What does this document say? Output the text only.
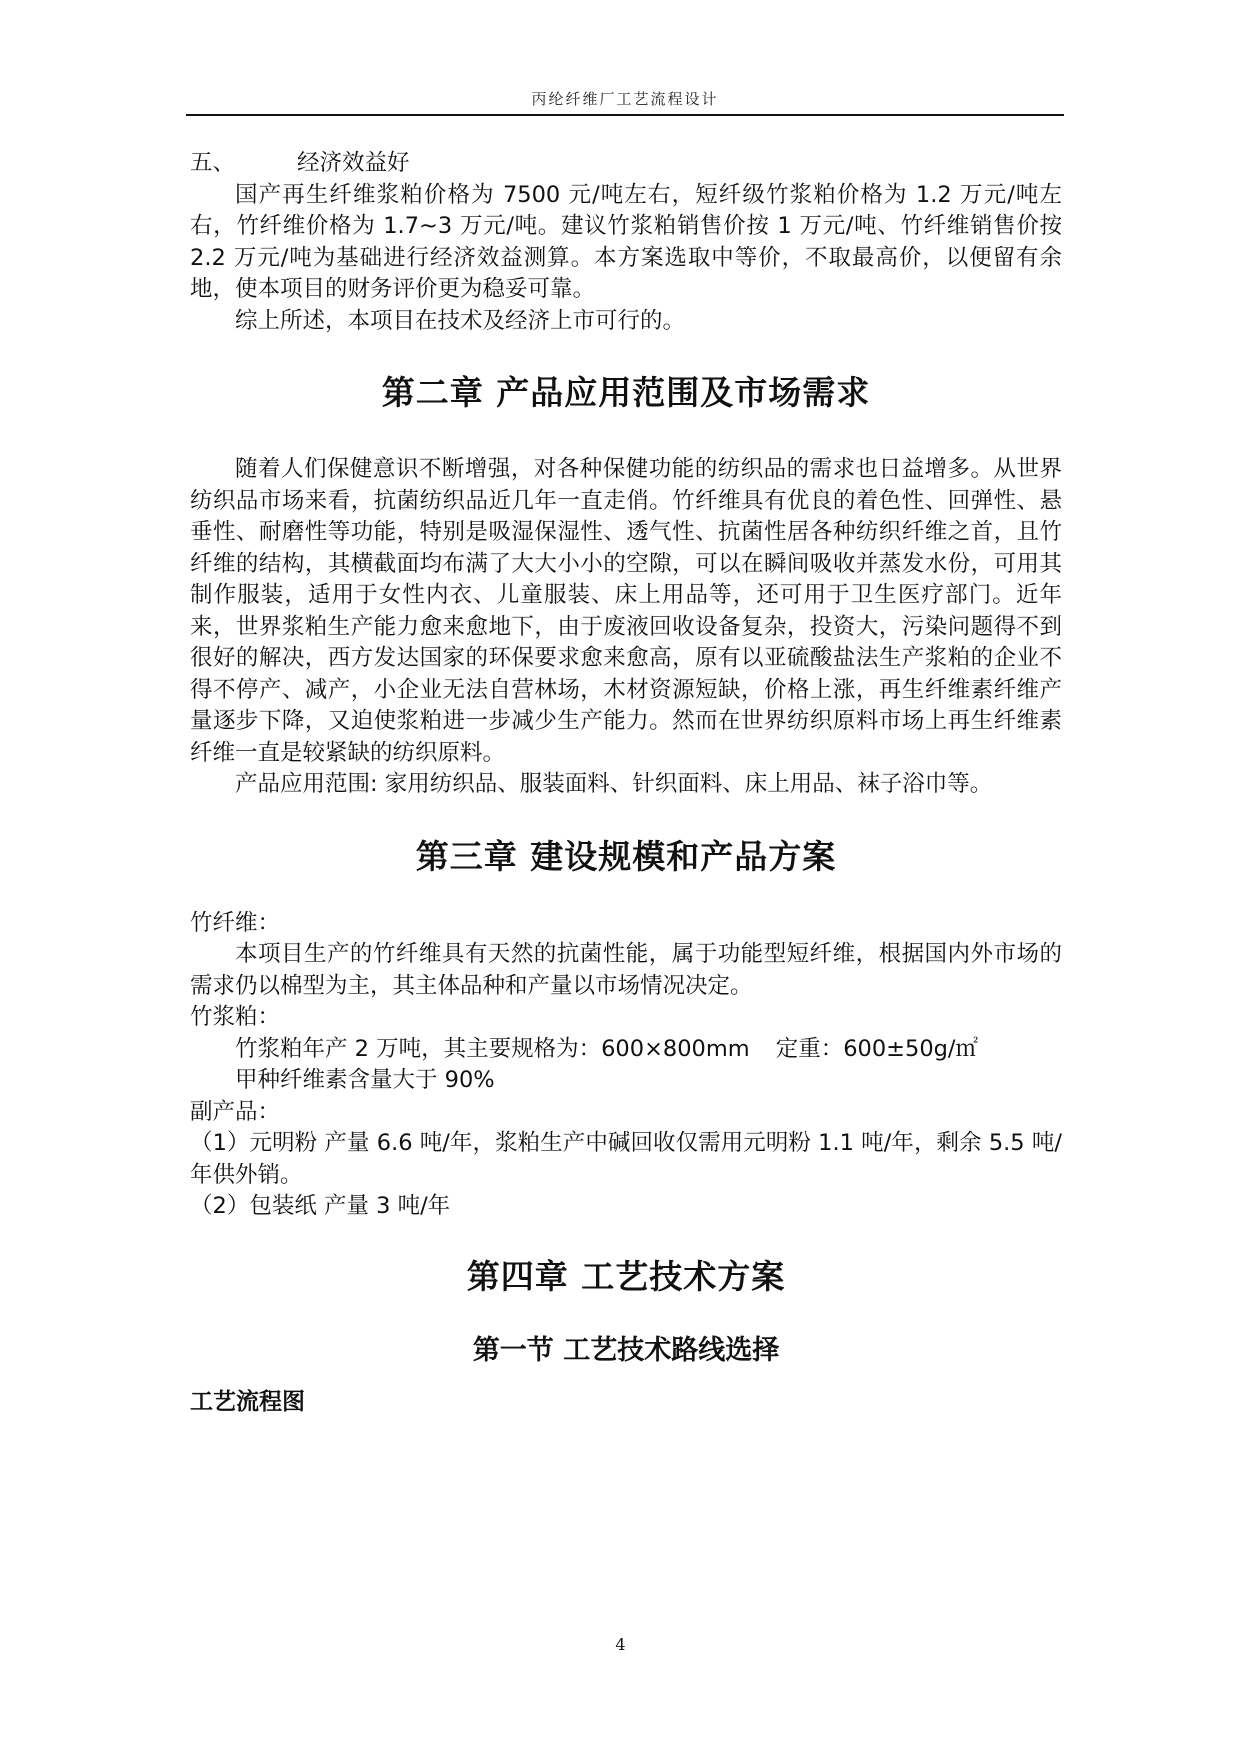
丙纶纤维厂工艺流程设计

五、	经济效益好

国产再生纤维浆粕价格为 7500 元/吨左右，短纤级竹浆粕价格为 1.2 万元/吨左右，竹纤维价格为 1.7~3 万元/吨。建议竹浆粕销售价按 1 万元/吨、竹纤维销售价按 2.2 万元/吨为基础进行经济效益测算。本方案选取中等价，不取最高价，以便留有余地，使本项目的财务评价更为稳妥可靠。

综上所述，本项目在技术及经济上市可行的。

第二章 产品应用范围及市场需求

随着人们保健意识不断增强，对各种保健功能的纺织品的需求也日益增多。从世界纺织品市场来看，抗菌纺织品近几年一直走俏。竹纤维具有优良的着色性、回弹性、悬垂性、耐磨性等功能，特别是吸湿保湿性、透气性、抗菌性居各种纺织纤维之首，且竹纤维的结构，其横截面均布满了大大小小的空隙，可以在瞬间吸收并蒸发水份，可用其制作服装，适用于女性内衣、儿童服装、床上用品等，还可用于卫生医疗部门。近年来，世界浆粕生产能力愈来愈地下，由于废液回收设备复杂，投资大，污染问题得不到很好的解决，西方发达国家的环保要求愈来愈高，原有以亚硫酸盐法生产浆粕的企业不得不停产、减产，小企业无法自营林场，木材资源短缺，价格上涨，再生纤维素纤维产量逐步下降，又迫使浆粕进一步减少生产能力。然而在世界纺织原料市场上再生纤维素纤维一直是较紧缺的纺织原料。

产品应用范围: 家用纺织品、服装面料、针织面料、床上用品、袜子浴巾等。

第三章 建设规模和产品方案

竹纤维：

本项目生产的竹纤维具有天然的抗菌性能，属于功能型短纤维，根据国内外市场的需求仍以棉型为主，其主体品种和产量以市场情况决定。

竹浆粕：

竹浆粕年产 2 万吨，其主要规格为：600×800mm 定重：600±50g/㎡

甲种纤维素含量大于 90%

副产品：

（1）元明粉 产量 6.6 吨/年，浆粕生产中碱回收仅需用元明粉 1.1 吨/年，剩余 5.5 吨/年供外销。

（2）包装纸 产量 3 吨/年

第四章 工艺技术方案
第一节 工艺技术路线选择

工艺流程图

4
